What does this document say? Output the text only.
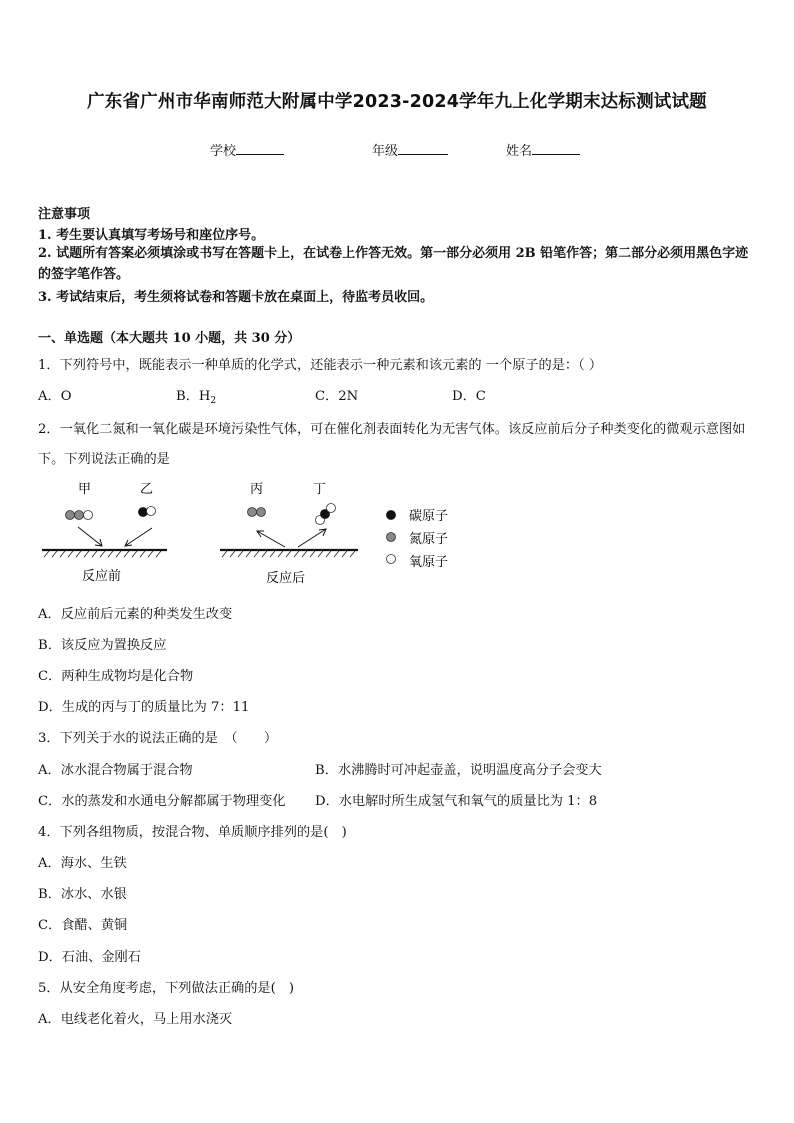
广东省广州市华南师范大附属中学2023-2024学年九上化学期末达标测试试题
学校	年级	姓名
注意事项
1. 考生要认真填写考场号和座位序号。
2. 试题所有答案必须填涂或书写在答题卡上，在试卷上作答无效。第一部分必须用 2B 铅笔作答；第二部分必须用黑色字迹的签字笔作答。
3. 考试结束后，考生须将试卷和答题卡放在桌面上，待监考员收回。
一、单选题（本大题共 10 小题，共 30 分）
1．下列符号中，既能表示一种单质的化学式，还能表示一种元素和该元素的 一个原子的是：（ ）
A．O	B．$H_2$	C．2N	D．C
2．一氧化二氮和一氧化碳是环境污染性气体，可在催化剂表面转化为无害气体。该反应前后分子种类变化的微观示意图如下。下列说法正确的是
甲	乙	丙	丁
反应前	反应后
碳原子
氮原子
氧原子
A．反应前后元素的种类发生改变
B．该反应为置换反应
C．两种生成物均是化合物
D．生成的丙与丁的质量比为 7：11
3．下列关于水的说法正确的是　（　　）
A．冰水混合物属于混合物	B．水沸腾时可冲起壶盖，说明温度高分子会变大
C．水的蒸发和水通电分解都属于物理变化 D．水电解时所生成氢气和氧气的质量比为 1：8
4．下列各组物质，按混合物、单质顺序排列的是(　)
A．海水、生铁
B．冰水、水银
C．食醋、黄铜
D．石油、金刚石
5．从安全角度考虑，下列做法正确的是(　)
A．电线老化着火，马上用水浇灭
